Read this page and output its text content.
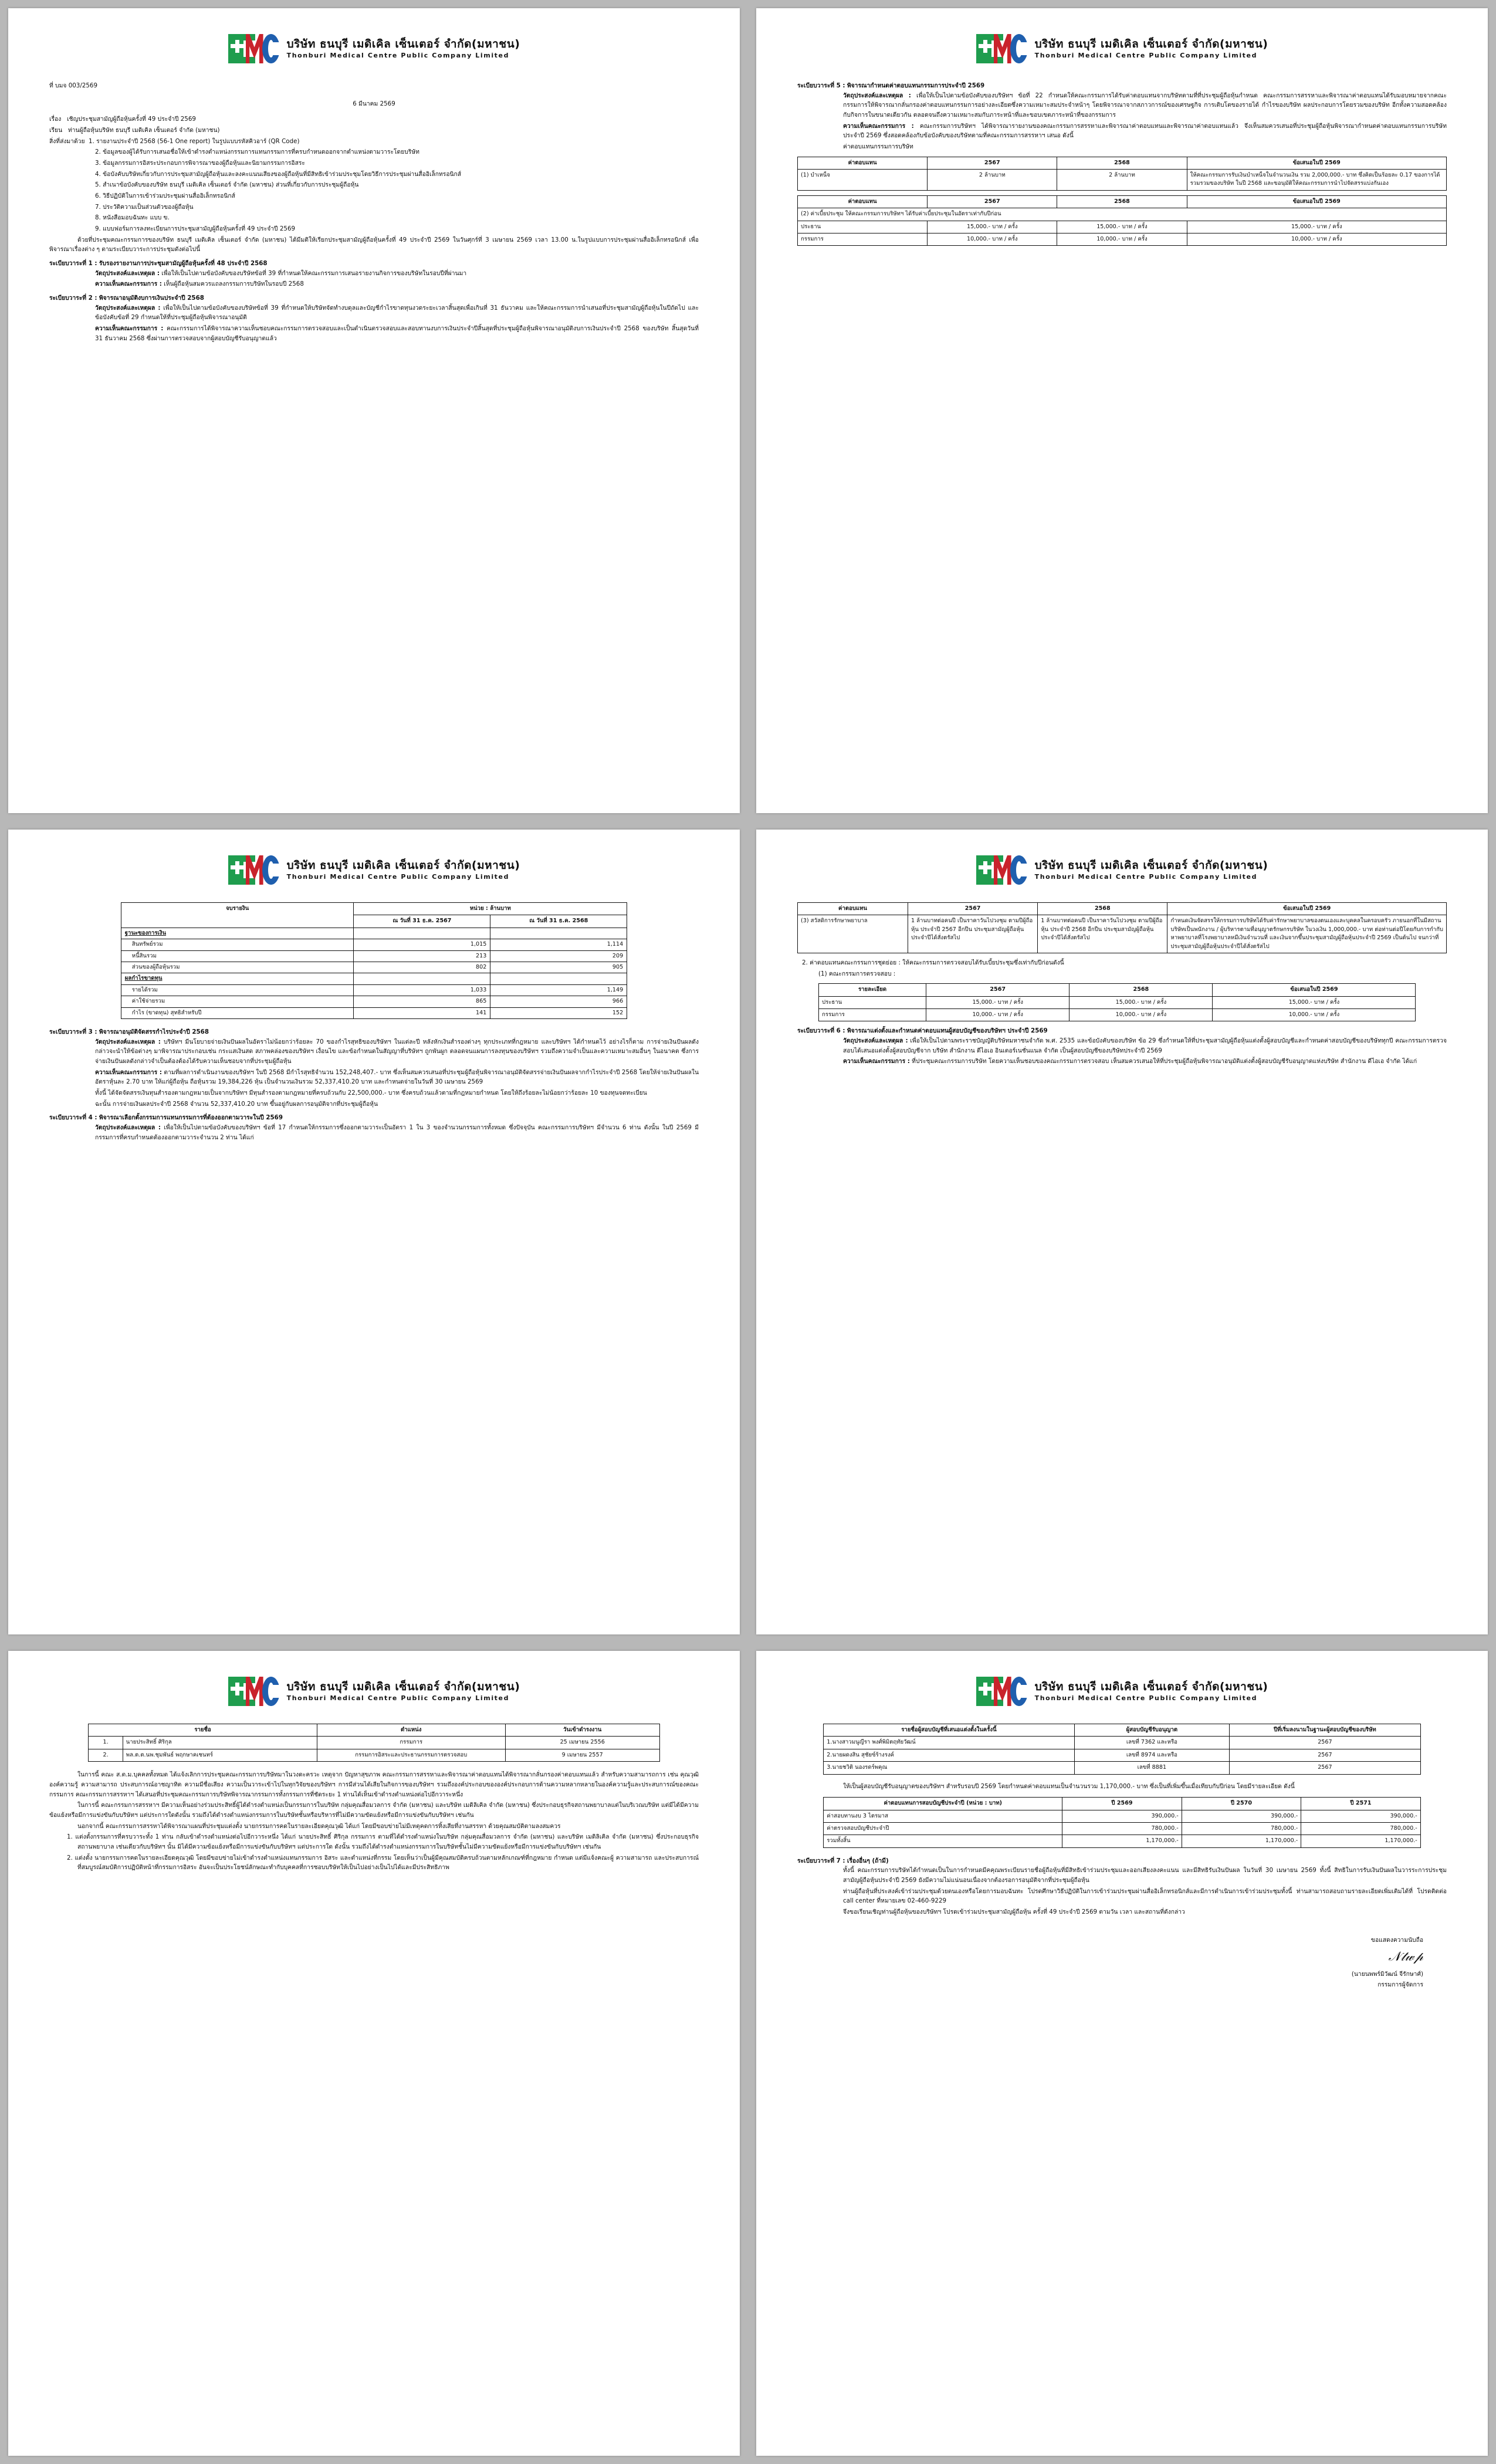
บริษัท ธนบุรี เมดิเคิล เซ็นเตอร์ จำกัด(มหาชน)
Thonburi Medical Centre Public Company Limited

ที่ บมจ 003/2569

6 มีนาคม 2569

เรื่อง เชิญประชุมสามัญผู้ถือหุ้นครั้งที่ 49 ประจำปี 2569

เรียน ท่านผู้ถือหุ้นบริษัท ธนบุรี เมดิเคิล เซ็นเตอร์ จำกัด (มหาชน)

สิ่งที่ส่งมาด้วย 1. รายงานประจำปี 2568 (56-1 One report) ในรูปแบบรหัสคิวอาร์ (QR Code)

2. ข้อมูลของผู้ได้รับการเสนอชื่อให้เข้าดำรงตำแหน่งกรรมการแทนกรรมการที่ครบกำหนดออกจากตำแหน่งตามวาระโดยบริษัท

3. ข้อมูลกรรมการอิสระประกอบการพิจารณาของผู้ถือหุ้นและนิยามกรรมการอิสระ

4. ข้อบังคับบริษัทเกี่ยวกับการประชุมสามัญผู้ถือหุ้นและลงคะแนนเสียงของผู้ถือหุ้นที่มีสิทธิเข้าร่วมประชุมโดยวิธีการประชุมผ่านสื่ออิเล็กทรอนิกส์

5. สำเนาข้อบังคับของบริษัท ธนบุรี เมดิเคิล เซ็นเตอร์ จำกัด (มหาชน) ส่วนที่เกี่ยวกับการประชุมผู้ถือหุ้น

6. วิธีปฏิบัติในการเข้าร่วมประชุมผ่านสื่ออิเล็กทรอนิกส์

7. ประวัติความเป็นส่วนตัวของผู้ถือหุ้น

8. หนังสือมอบฉันทะ แบบ ข.

9. แบบฟอร์มการลงทะเบียนการประชุมสามัญผู้ถือหุ้นครั้งที่ 49 ประจำปี 2569

ด้วยที่ประชุมคณะกรรมการของบริษัท ธนบุรี เมดิเคิล เซ็นเตอร์ จำกัด (มหาชน) ได้มีมติให้เรียกประชุมสามัญผู้ถือหุ้นครั้งที่ 49 ประจำปี 2569 ในวันศุกร์ที่ 3 เมษายน 2569 เวลา 13.00 น.ในรูปแบบการประชุมผ่านสื่ออิเล็กทรอนิกส์ เพื่อพิจารณาเรื่องต่าง ๆ ตามระเบียบวาระการประชุมดังต่อไปนี้

ระเบียบวาระที่ 1 : รับรองรายงานการประชุมสามัญผู้ถือหุ้นครั้งที่ 48 ประจำปี 2568

วัตถุประสงค์และเหตุผล : เพื่อให้เป็นไปตามข้อบังคับของบริษัทข้อที่ 39 ที่กำหนดให้คณะกรรมการเสนอรายงานกิจการของบริษัทในรอบปีที่ผ่านมา

ความเห็นคณะกรรมการ : เห็นผู้ถือหุ้นสมควรแถลงกรรมการบริษัทในรอบปี 2568

ระเบียบวาระที่ 2 : พิจารณาอนุมัติงบการเงินประจำปี 2568

วัตถุประสงค์และเหตุผล : เพื่อให้เป็นไปตามข้อบังคับของบริษัทข้อที่ 39 ที่กำหนดให้บริษัทจัดทำงบดุลและบัญชีกำไรขาดทุนงวดระยะเวลาสิ้นสุดเพื่อเกินที่ 31 ธันวาคม และให้คณะกรรมการนำเสนอที่ประชุมสามัญผู้ถือหุ้นในปีถัดไป และข้อบังคับข้อที่ 29 กำหนดให้ที่ประชุมผู้ถือหุ้นพิจารณาอนุมัติ

ความเห็นคณะกรรมการ : คณะกรรมการได้พิจารณาความเห็นชอบคณะกรรมการตรวจสอบและเป็นดำเนินตรวจสอบและสอบทานงบการเงินประจำปีสิ้นสุดที่ประชุมผู้ถือหุ้นพิจารณาอนุมัติงบการเงินประจำปี 2568 ของบริษัท สิ้นสุดวันที่ 31 ธันวาคม 2568 ซึ่งผ่านการตรวจสอบจากผู้สอบบัญชีรับอนุญาตแล้ว

บริษัท ธนบุรี เมดิเคิล เซ็นเตอร์ จำกัด(มหาชน)
Thonburi Medical Centre Public Company Limited
ระเบียบวาระที่ 5 : พิจารณากำหนดค่าตอบแทนกรรมการประจำปี 2569

วัตถุประสงค์และเหตุผล : เพื่อให้เป็นไปตามข้อบังคับของบริษัทฯ ข้อที่ 22 กำหนดให้คณะกรรมการได้รับค่าตอบแทนจากบริษัทตามที่ที่ประชุมผู้ถือหุ้นกำหนด คณะกรรมการสรรหาและพิจารณาค่าตอบแทนได้รับมอบหมายจากคณะกรรมการให้พิจารณากลั่นกรองค่าตอบแทนกรรมการอย่างละเอียดซึ่งความเหมาะสมประจำหน้าๆ โดยพิจารณาจากสภาวการณ์ของเศรษฐกิจ การเติบโตของรายได้ กำไรของบริษัท ผลประกอบการโดยรวมของบริษัท อีกทั้งความสอดคล้องกับกิจการในขนาดเดียวกัน ตลอดจนถึงความเหมาะสมกับภาระหน้าที่และขอบเขตภาระหน้าที่ของกรรมการ

ความเห็นคณะกรรมการ : คณะกรรมการบริษัทฯ ได้พิจารณารายงานของคณะกรรมการสรรหาและพิจารณาค่าตอบแทนและพิจารณาค่าตอบแทนแล้ว จึงเห็นสมควรเสนอที่ประชุมผู้ถือหุ้นพิจารณากำหนดค่าตอบแทนกรรมการบริษัทประจำปี 2569 ซึ่งสอดคล้องกับข้อบังคับของบริษัทตามที่คณะกรรมการสรรหาฯ เสนอ ดังนี้

ค่าตอบแทนกรรมการบริษัท

ค่าตอบแทน	2567	2568	ข้อเสนอในปี 2569
(1) บำเหน็จ	2 ล้านบาท	2 ล้านบาท	ให้คณะกรรมการรับเงินบำเหน็จในจำนวนเงิน รวม 2,000,000.- บาท ซึ่งคิดเป็นร้อยละ 0.17 ของการได้รวมรวมของบริษัท ในปี 2568 และขอนุมัติให้คณะกรรมการนำไปจัดสรรแบ่งกันเอง
ค่าตอบแทน	2567	2568	ข้อเสนอในปี 2569
(2) ค่าเบี้ยประชุม ให้คณะกรรมการบริษัทฯ ได้รับค่าเบี้ยประชุมในอัตราเท่ากับปีก่อน			
ประธาน	15,000.- บาท / ครั้ง	15,000.- บาท / ครั้ง	15,000.- บาท / ครั้ง
กรรมการ	10,000.- บาท / ครั้ง	10,000.- บาท / ครั้ง	10,000.- บาท / ครั้ง
บริษัท ธนบุรี เมดิเคิล เซ็นเตอร์ จำกัด(มหาชน)
Thonburi Medical Centre Public Company Limited
จบรายงิน	หน่วย : ล้านบาท	
	ณ วันที่ 31 ธ.ค. 2567	ณ วันที่ 31 ธ.ค. 2568
ฐานะของการเงิน		
สินทรัพย์รวม	1,015	1,114
หนี้สินรวม	213	209
ส่วนของผู้ถือหุ้นรวม	802	905
ผลกำไรขาดทุน		
รายได้รวม	1,033	1,149
ค่าใช้จ่ายรวม	865	966
กำไร (ขาดทุน) สุทธิสำหรับปี	141	152
ระเบียบวาระที่ 3 : พิจารณาอนุมัติจัดสรรกำไรประจำปี 2568

วัตถุประสงค์และเหตุผล : บริษัทฯ มีนโยบายจ่ายเงินปันผลในอัตราไม่น้อยกว่าร้อยละ 70 ของกำไรสุทธิของบริษัทฯ ในแต่ละปี หลังหักเงินสำรองต่างๆ ทุกประเภทที่กฎหมาย และบริษัทฯ ได้กำหนดไว้ อย่างไรก็ตาม การจ่ายเงินปันผลดังกล่าวจะนำให้ข้อต่างๆ มาพิจารณาประกอบเช่น กระแสเงินสด สภาพคล่องของบริษัทฯ เงื่อนไข และข้อกำหนดในสัญญาที่บริษัทฯ ถูกพันผูก ตลอดจนแผนการลงทุนของบริษัทฯ รวมถึงความจำเป็นและความเหมาะสมอื่นๆ ในอนาคต ซึ่งการจ่ายเงินปันผลดังกล่าวจำเป็นต้องต้องได้รับความเห็นชอบจากที่ประชุมผู้ถือหุ้น

ความเห็นคณะกรรมการ : ตามที่ผลการดำเนินงานของบริษัทฯ ในปี 2568 มีกำไรสุทธิจำนวน 152,248,407.- บาท ซึ่งเห็นสมควรเสนอที่ประชุมผู้ถือหุ้นพิจารณาอนุมัติจัดสรรจ่ายเงินปันผลจากกำไรประจำปี 2568 โดยให้จ่ายเงินปันผลในอัตราหุ้นละ 2.70 บาท ให้แก่ผู้ถือหุ้น ถือหุ้นรวม 19,384,226 หุ้น เป็นจำนวนเงินรวม 52,337,410.20 บาท และกำหนดจ่ายในวันที่ 30 เมษายน 2569

ทั้งนี้ ได้จัดจัดสรรเงินทุนสำรองตามกฎหมายเป็นจากบริษัทฯ มีทุนสำรองตามกฎหมายที่ครบถ้วนกับ 22,500,000.- บาท ซึ่งครบถ้วนแล้วตามที่กฎหมายกำหนด โดยให้ถึงร้อยละไม่น้อยกว่าร้อยละ 10 ของทุนจดทะเบียน

ฉะนั้น การจ่ายเงินผลประจำปี 2568 จำนวน 52,337,410.20 บาท ขึ้นอยู่กับผลการอนุมัติจากที่ประชุมผู้ถือหุ้น

ระเบียบวาระที่ 4 : พิจารณาเลือกตั้งกรรมการแทนกรรมการที่ต้องออกตามวาระในปี 2569

วัตถุประสงค์และเหตุผล : เพื่อให้เป็นไปตามข้อบังคับของบริษัทฯ ข้อที่ 17 กำหนดให้กรรมการซึ่งออกตามวาระเป็นอัตรา 1 ใน 3 ของจำนวนกรรมการทั้งหมด ซึ่งปัจจุบัน คณะกรรมการบริษัทฯ มีจำนวน 6 ท่าน ดังนั้น ในปี 2569 มีกรรมการที่ครบกำหนดต้องออกตามวาระจำนวน 2 ท่าน ได้แก่

บริษัท ธนบุรี เมดิเคิล เซ็นเตอร์ จำกัด(มหาชน)
Thonburi Medical Centre Public Company Limited
ค่าตอบแทน	2567	2568	ข้อเสนอในปี 2569
(3) สวัสดิการรักษาพยาบาล	1 ล้านบาทต่อคนปี เป็นราคาวันไปวงชุม ตามปีผู้ถือหุ้น ประจำปี 2567 อีกปีน ประชุมสามัญผู้ถือหุ้น ประจำปีได้สั่งตรัสไป	1 ล้านบาทต่อคนปี เป็นราคาวันไปวงชุม ตามปีผู้ถือหุ้น ประจำปี 2568 อีกปีน ประชุมสามัญผู้ถือหุ้น ประจำปีได้สั่งตรัสไป	กำหนดเงินจัดสรรให้กรรมการบริษัทได้รับค่ารักษาพยาบาลของตนเองและบุคคลในครอบครัว ภายนอกที่ในมีสถานบริษัทเป็นพนักงาน / ผู้บริหารตามที่อนุญาตรักษกรบริษัท ในวงเงิน 1,000,000.- บาท ต่อท่านต่อปีโดยกับการกำกับหาพยาบาลที่โรงพยาบาลหมีเงินจำนวนที่ และเงินจากขึ้นประชุมสามัญผู้ถือหุ้นประจำปี 2569 เป็นต้นไป จนกว่าที่ประชุมสามัญผู้ถือหุ้นประจำปีได้สั่งตรัสไป

2. ค่าตอบแทนคณะกรรมการชุดย่อย : ให้คณะกรรมการตรวจสอบได้รับเบี้ยประชุมซึ่งเท่ากับปีก่อนดังนี้

(1) คณะกรรมการตรวจสอบ :

รายละเอียด	2567	2568	ข้อเสนอในปี 2569
ประธาน	15,000.- บาท / ครั้ง	15,000.- บาท / ครั้ง	15,000.- บาท / ครั้ง
กรรมการ	10,000.- บาท / ครั้ง	10,000.- บาท / ครั้ง	10,000.- บาท / ครั้ง
ระเบียบวาระที่ 6 : พิจารณาแต่งตั้งและกำหนดค่าตอบแทนผู้สอบบัญชีของบริษัทฯ ประจำปี 2569

วัตถุประสงค์และเหตุผล : เพื่อให้เป็นไปตามพระราชบัญญัติบริษัทมหาชนจำกัด พ.ศ. 2535 และข้อบังคับของบริษัท ข้อ 29 ซึ่งกำหนดให้ที่ประชุมสามัญผู้ถือหุ้นแต่งตั้งผู้สอบบัญชีและกำหนดค่าสอบบัญชีของบริษัททุกปี คณะกรรมการตรวจสอบได้เสนอแต่งตั้งผู้สอบบัญชีจาก บริษัท สำนักงาน ดีไอเอ อินเตอร์เนชั่นแนล จำกัด เป็นผู้สอบบัญชีของบริษัทประจำปี 2569

ความเห็นคณะกรรมการ : ที่ประชุมคณะกรรมการบริษัท โดยความเห็นชอบของคณะกรรมการตรวจสอบ เห็นสมควรเสนอให้ที่ประชุมผู้ถือหุ้นพิจารณาอนุมัติแต่งตั้งผู้สอบบัญชีรับอนุญาตแห่งบริษัท สำนักงาน ดีไอเอ จำกัด ได้แก่

บริษัท ธนบุรี เมดิเคิล เซ็นเตอร์ จำกัด(มหาชน)
Thonburi Medical Centre Public Company Limited
รายชื่อ		ตำแหน่ง	วันเข้าดำรงงาน
1.	นายประสิทธิ์ ศิริกุล	กรรมการ	25 เมษายน 2556
2.	พล.ต.ต.นพ.ชุมพันธ์ พฤกษาคเชนทร์	กรรมการอิสระและประธานกรรมการตรวจสอบ	9 เมษายน 2557

ในการนี้ คณะ ส.ต.ม.บุคคลทั้งหมด ได้แจ้งเลิกการประชุมคณะกรรมการบริษัทมาในวงดะครวะ เหตุจาก ปัญหาสุขภาพ คณะกรรมการสรรหาและพิจารณาค่าตอบแทนได้พิจารณากลั่นกรองค่าตอบแทนแล้ว สำหรับความสามารถการ เช่น คุณวุฒิ องค์ความรู้ ความสามารถ ประสบการณ์อาชญาทิต ความมีชื่อเสียง ความเป็นวาระเข้าไปในทุกวิจัยของบริษัทฯ การมีส่วนได้เสียในกิจการของบริษัทฯ รวมถึงองค์ประกอบขององค์ประกอบการด้านความหลากหลายในองค์ความรู้และประสบการณ์ของคณะกรรมการ คณะกรรมการสรรหาฯ ได้เสนอที่ประชุมคณะกรรมการบริษัทพิจารณากรรมการทั้งกรรมการที่ชัดระยะ 1 ท่านได้เห็นเข้าดำรงตำแหน่งต่อไปอีกวาระหนึ่ง

ในการนี้ คณะกรรมการสรรหาฯ มีความเห็นอย่างร่วมประสิทธิ์ผู้ได้ดำรงตำแหน่งเป็นกรรมการในบริษัท กลุ่มคุณสื่อมวลการ จำกัด (มหาชน) และบริษัท เมดิลิเคิล จำกัด (มหาชน) ซึ่งประกอบธุรกิจสถานพยาบาลแต่ในบริเวณบริษัท แต่มีได้มีความข้อแย้งหรือมีการแข่งขันกับบริษัทฯ แต่ประการใดดังนั้น รวมถึงได้ดำรงตำแหน่งกรรมการในบริษัทชั้นหรือบริหารที่ไม่มีความขัดแย้งหรือมีการแข่งขันกับบริษัทฯ เช่นกัน

นอกจากนี้ คณะกรรมการสรรหาได้พิจารณาแผนที่ประชุมแต่งตั้ง นายกรรมการคดในรายละเอียดคุณวุฒิ ได้แก่ โดยมีขอบข่ายไม่มีเหตุคดการทิ้งเสียที่งานสรรหา ด้วยคุณสมบัติตามลงสมควร

1. แต่งตั้งกรรมการที่ครบวาระทั้ง 1 ท่าน กลับเข้าดำรงตำแหน่งต่อไปอีกวาระหนึ่ง ได้แก่ นายประสิทธิ์ ศิริกุล กรรมการ ตามที่ได้ดำรงตำแหน่งในบริษัท กลุ่มคุณสื่อมวลการ จำกัด (มหาชน) และบริษัท เมดิลิเคิล จำกัด (มหาชน) ซึ่งประกอบธุรกิจสถานพยาบาล เช่นเดียวกับบริษัทฯ นั้น มิได้มีความข้อแย้งหรือมีการแข่งขันกับบริษัทฯ แต่ประการใด ดังนั้น รวมถึงได้ดำรงตำแหน่งกรรมการในบริษัทชั้นไม่มีความขัดแย้งหรือมีการแข่งขันกับบริษัทฯ เช่นกัน

2. แต่งตั้ง นายกรรมการคดในรายละเอียดคุณวุฒิ โดยมีขอบข่ายไม่เข้าดำรงตำแหน่งแทนกรรมการ อิสระ และตำแหน่งที่กรรม โดยเห็นว่าเป็นผู้มีคุณสมบัติครบถ้วนตามหลักเกณฑ์ที่กฎหมาย กำหนด แต่มีแจ้งคณะผู้ ความสามารถ และประสบการณ์ที่สมบูรณ์สมบัติการปฏิบัติหน้าที่กรรมการอิสระ อันจะเป็นประโยชน์ลักษณะทำกับบุคคลที่การชอบบริษัทให้เป็นไปอย่างเป็นไปได้และมีประสิทธิภาพ

บริษัท ธนบุรี เมดิเคิล เซ็นเตอร์ จำกัด(มหาชน)
Thonburi Medical Centre Public Company Limited
รายชื่อผู้สอบบัญชีที่เสนอแต่งตั้งในครั้งนี้	ผู้สอบบัญชีรับอนุญาต	ปีที่เริ่มลงนามในฐานะผู้สอบบัญชีของบริษัท
1.นางสาวมนูญีรา พงศ์พิมิตฤทัยวัฒน์	เลขที่ 7362 และหรือ	2567
2.นายผดงสิน สุชัยซ์ร้างรงค์	เลขที่ 8974 และหรือ	2567
3.นายชวิติ นองรดร์พคุณ	เลขที่ 8881	2567

ให้เป็นผู้สอบบัญชีรับอนุญาตของบริษัทฯ สำหรับรอบปี 2569 โดยกำหนดค่าตอบแทนเป็นจำนวนรวม 1,170,000.- บาท ซึ่งเป็นที่เพิ่มขึ้นเมื่อเทียบกับปีก่อน โดยมีรายละเอียด ดังนี้

ค่าตอบแทนการสอบบัญชีประจำปี (หน่วย : บาท)	ปี 2569	ปี 2570	ปี 2571
ค่าสอบทานงบ 3 ไตรมาส	390,000.-	390,000.-	390,000.-
ค่าตรวจสอบบัญชีประจำปี	780,000.-	780,000.-	780,000.-
รวมทั้งสิ้น	1,170,000.-	1,170,000.-	1,170,000.-
ระเบียบวาระที่ 7 : เรื่องอื่นๆ (ถ้ามี)

ทั้งนี้ คณะกรรมการบริษัทได้กำหนดเป็นในการกำหนดมีคคุณพระเบียนรายชื่อผู้ถือหุ้นที่มีสิทธิเข้าร่วมประชุมและออกเสียงลงคะแนน และมีสิทธิรับเงินปันผล ในวันที่ 30 เมษายน 2569 ทั้งนี้ สิทธิในการรับเงินปันผลในวารระการประชุมสามัญผู้ถือหุ้นประจำปี 2569 ยังมีความไม่แน่นอนเนื่องจากต้องรอการอนุมัติจากที่ประชุมผู้ถือหุ้น

ท่านผู้ถือหุ้นที่ประสงค์เข้าร่วมประชุมด้วยตนเองหรือโดยการมอบฉันทะ โปรดศึกษาวิธีปฏิบัติในการเข้าร่วมประชุมผ่านสื่ออิเล็กทรอนิกส์และมีการดำเนินการเข้าร่วมประชุมทั้งนี้ ท่านสามารถสอบถามรายละเอียดเพิ่มเติมได้ที่ โปรดติดต่อ call center ที่หมายเลข 02-460-9229

จึงขอเรียนเชิญท่านผู้ถือหุ้นของบริษัทฯ โปรดเข้าร่วมประชุมสามัญผู้ถือหุ้น ครั้งที่ 49 ประจำปี 2569 ตามวัน เวลา และสถานที่ดังกล่าว

ขอแสดงความนับถือ
𝒩𝓉𝓌𝓅
(นายนพพร์มิวัฒน์ จีรักษาศ์)
กรรมการผู้จัดการ
